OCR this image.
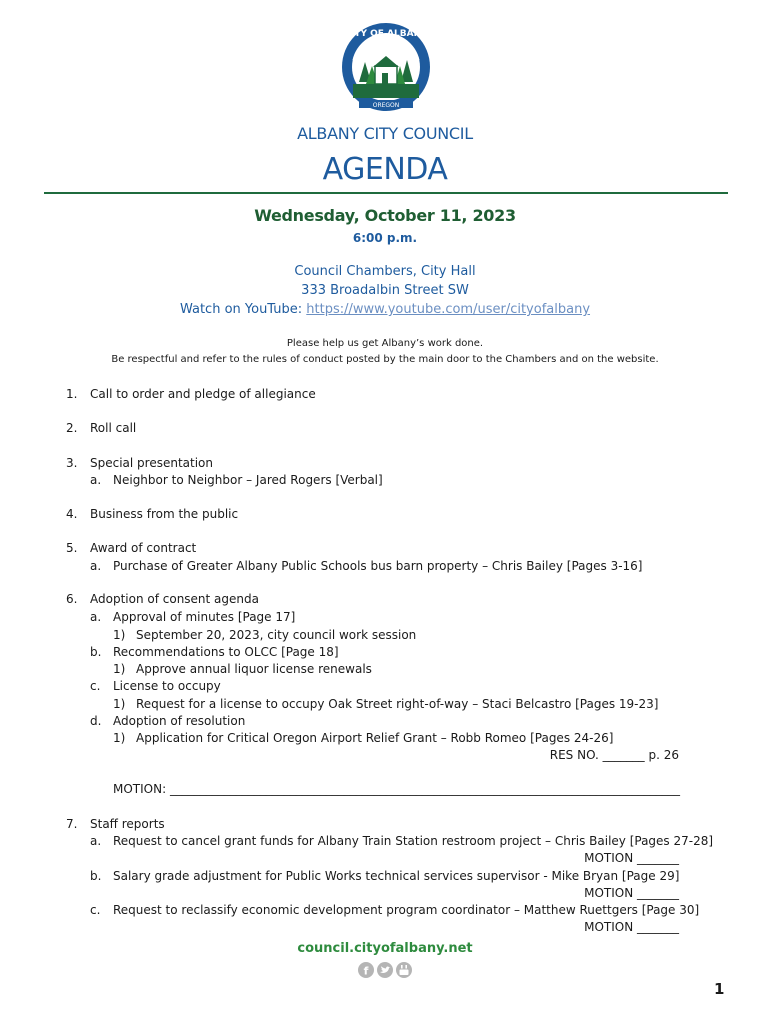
CITY OF ALBANY
OREGON
ALBANY CITY COUNCIL
AGENDA
Wednesday, October 11, 2023
6:00 p.m.
Council Chambers, City Hall
333 Broadalbin Street SW
Watch on YouTube: https://www.youtube.com/user/cityofalbany
Please help us get Albany’s work done.
Be respectful and refer to the rules of conduct posted by the main door to the Chambers and on the website.
1. Call to order and pledge of allegiance
2. Roll call
3. Special presentation
a. Neighbor to Neighbor – Jared Rogers [Verbal]
4. Business from the public
5. Award of contract
a. Purchase of Greater Albany Public Schools bus barn property – Chris Bailey [Pages 3-16]
6. Adoption of consent agenda
a. Approval of minutes [Page 17]
1) September 20, 2023, city council work session
b. Recommendations to OLCC [Page 18]
1) Approve annual liquor license renewals
c. License to occupy
1) Request for a license to occupy Oak Street right-of-way – Staci Belcastro [Pages 19-23]
d. Adoption of resolution
1) Application for Critical Oregon Airport Relief Grant – Robb Romeo [Pages 24-26]
RES NO. _______ p. 26
MOTION: _____________________________________________________________________________________
7. Staff reports
a. Request to cancel grant funds for Albany Train Station restroom project – Chris Bailey [Pages 27-28]
MOTION _______
b. Salary grade adjustment for Public Works technical services supervisor - Mike Bryan [Page 29]
MOTION _______
c. Request to reclassify economic development program coordinator – Matthew Ruettgers [Page 30]
MOTION _______
council.cityofalbany.net
f
1
